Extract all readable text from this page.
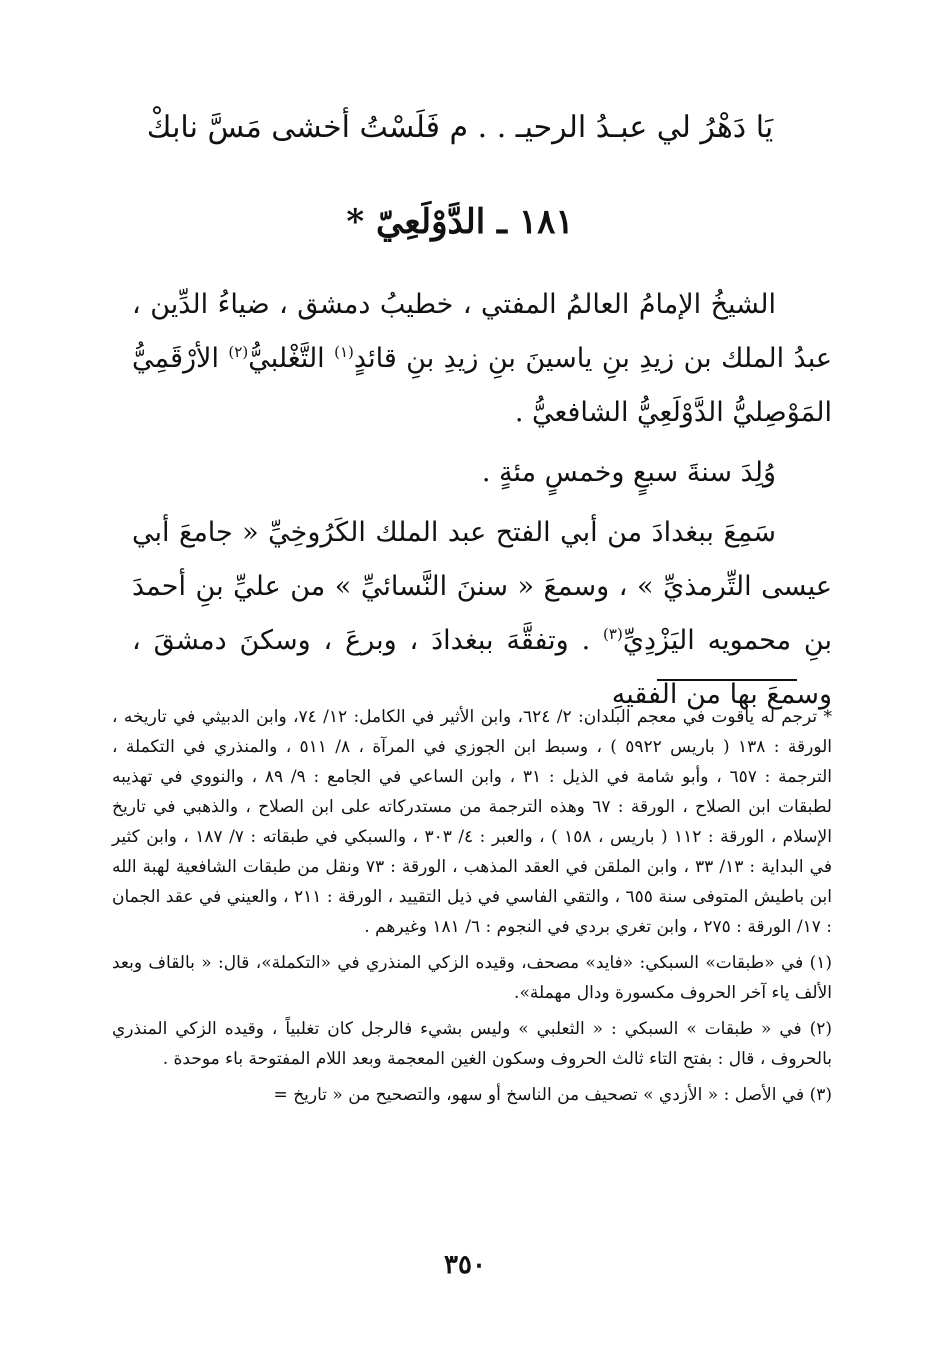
يَا دَهْرُ لي عبـدُ الرحيـ . . م فَلَسْتُ أخشى مَسَّ نابكْ
١٨١ ـ الدَّوْلَعِيّ *

الشيخُ الإمامُ العالمُ المفتي ، خطيبُ دمشق ، ضياءُ الدِّين ، عبدُ الملك بن زيدِ بنِ ياسينَ بنِ زيدِ بنِ قائدٍ$^{(١)}$ التَّغْلبيُّ$^{(٢)}$ الأرْقَمِيُّ المَوْصِليُّ الدَّوْلَعِيُّ الشافعيُّ .

وُلِدَ سنةَ سبعٍ وخمسٍ مئةٍ .

سَمِعَ ببغدادَ من أبي الفتح عبد الملك الكَرُوخِيِّ « جامعَ أبي عيسى التِّرمذيِّ » ، وسمعَ « سننَ النَّسائيِّ » من عليِّ بنِ أحمدَ بنِ محمويه اليَزْدِيِّ$^{(٣)}$ . وتفقَّهَ ببغدادَ ، وبرعَ ، وسكنَ دمشقَ ، وسمعَ بها من الفقيهِ

* ترجم له ياقوت في معجم البلدان: ٢/ ٦٢٤، وابن الأثير في الكامل: ١٢/ ٧٤، وابن الدبيثي في تاريخه ، الورقة : ١٣٨ ( باريس ٥٩٢٢ ) ، وسبط ابن الجوزي في المرآة ، ٨/ ٥١١ ، والمنذري في التكملة ، الترجمة : ٦٥٧ ، وأبو شامة في الذيل : ٣١ ، وابن الساعي في الجامع : ٩/ ٨٩ ، والنووي في تهذيبه لطبقات ابن الصلاح ، الورقة : ٦٧ وهذه الترجمة من مستدركاته على ابن الصلاح ، والذهبي في تاريخ الإسلام ، الورقة : ١١٢ ( باريس ، ١٥٨ ) ، والعبر : ٤/ ٣٠٣ ، والسبكي في طبقاته : ٧/ ١٨٧ ، وابن كثير في البداية : ١٣/ ٣٣ ، وابن الملقن في العقد المذهب ، الورقة : ٧٣ ونقل من طبقات الشافعية لهبة الله ابن باطيش المتوفى سنة ٦٥٥ ، والتقي الفاسي في ذيل التقييد ، الورقة : ٢١١ ، والعيني في عقد الجمان : ١٧/ الورقة : ٢٧٥ ، وابن تغري بردي في النجوم : ٦/ ١٨١ وغيرهم .

(١) في «طبقات» السبكي: «فايد» مصحف، وقيده الزكي المنذري في «التكملة»، قال: « بالقاف وبعد الألف ياء آخر الحروف مكسورة ودال مهملة».

(٢) في « طبقات » السبكي : « الثعلبي » وليس بشيء فالرجل كان تغلبياً ، وقيده الزكي المنذري بالحروف ، قال : بفتح التاء ثالث الحروف وسكون الغين المعجمة وبعد اللام المفتوحة باء موحدة .

(٣) في الأصل : « الأزدي » تصحيف من الناسخ أو سهو، والتصحيح من « تاريخ =

٣٥٠
